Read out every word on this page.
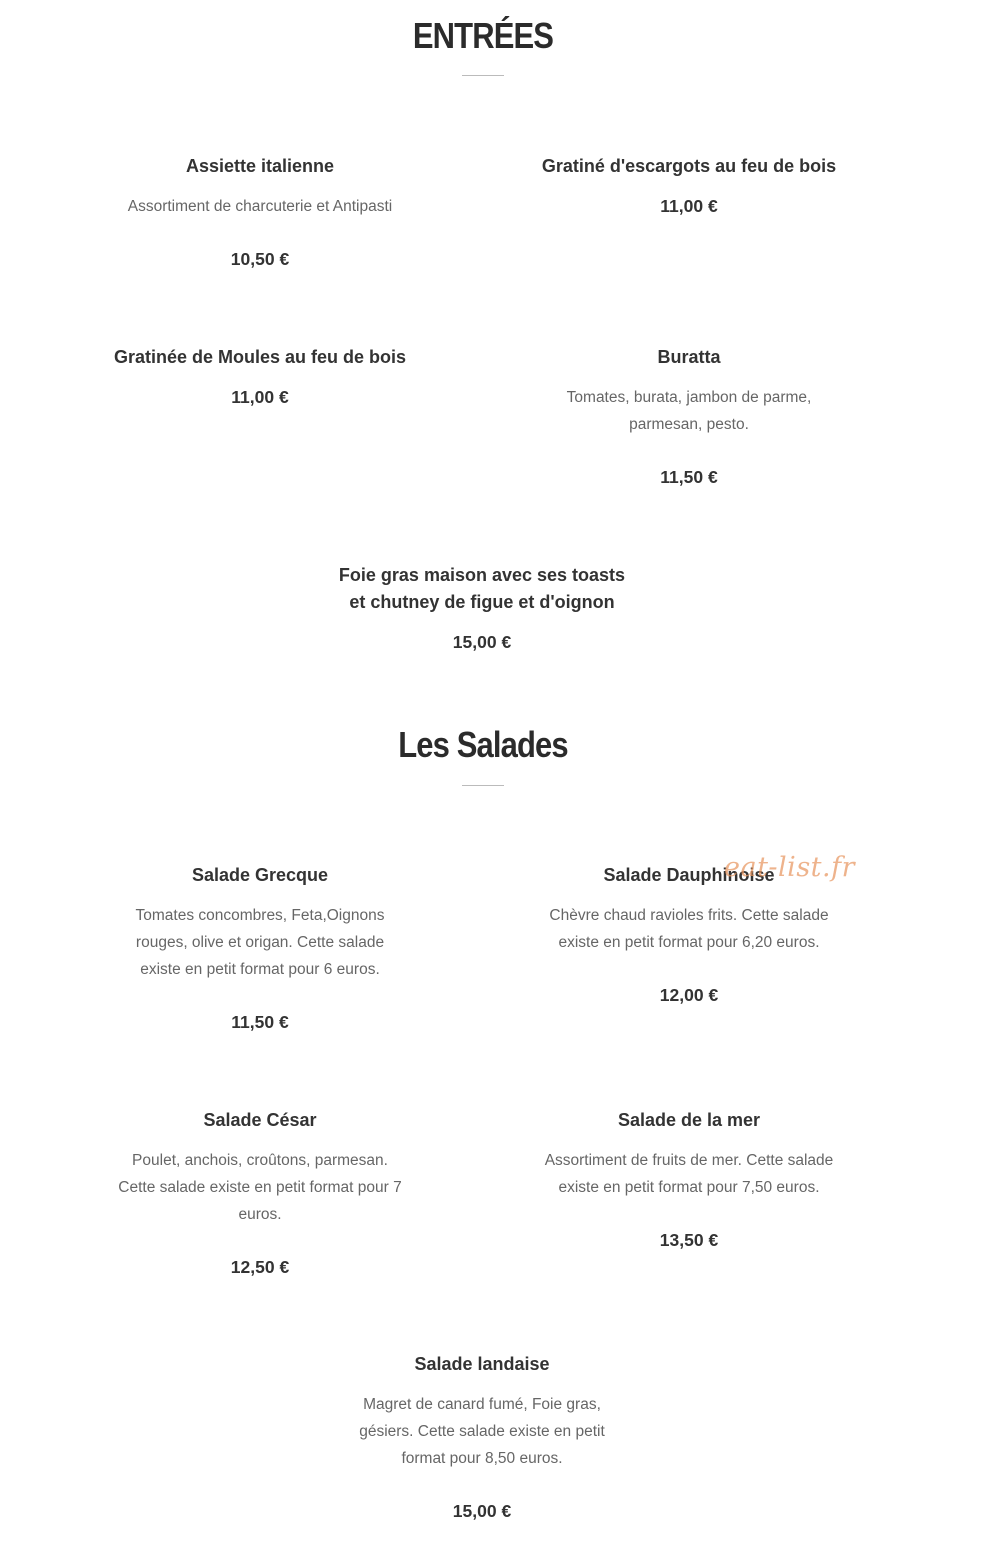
ENTRÉES

Assiette italienne

Assortiment de charcuterie et Antipasti

10,50 €

Gratiné d'escargots au feu de bois

11,00 €

Gratinée de Moules au feu de bois

11,00 €

Buratta

Tomates, burata, jambon de parme,

parmesan, pesto.

11,50 €

Foie gras maison avec ses toasts

et chutney de figue et d'oignon

15,00 €

Les Salades

Salade Grecque

Tomates concombres, Feta,Oignons

rouges, olive et origan. Cette salade

existe en petit format pour 6 euros.

11,50 €

Salade Dauphinoise

Chèvre chaud ravioles frits. Cette salade

existe en petit format pour 6,20 euros.

12,00 €

Salade César

Poulet, anchois, croûtons, parmesan.

Cette salade existe en petit format pour 7

euros.

12,50 €

Salade de la mer

Assortiment de fruits de mer. Cette salade

existe en petit format pour 7,50 euros.

13,50 €

Salade landaise

Magret de canard fumé, Foie gras,

gésiers. Cette salade existe en petit

format pour 8,50 euros.

15,00 €

eat-list.fr
